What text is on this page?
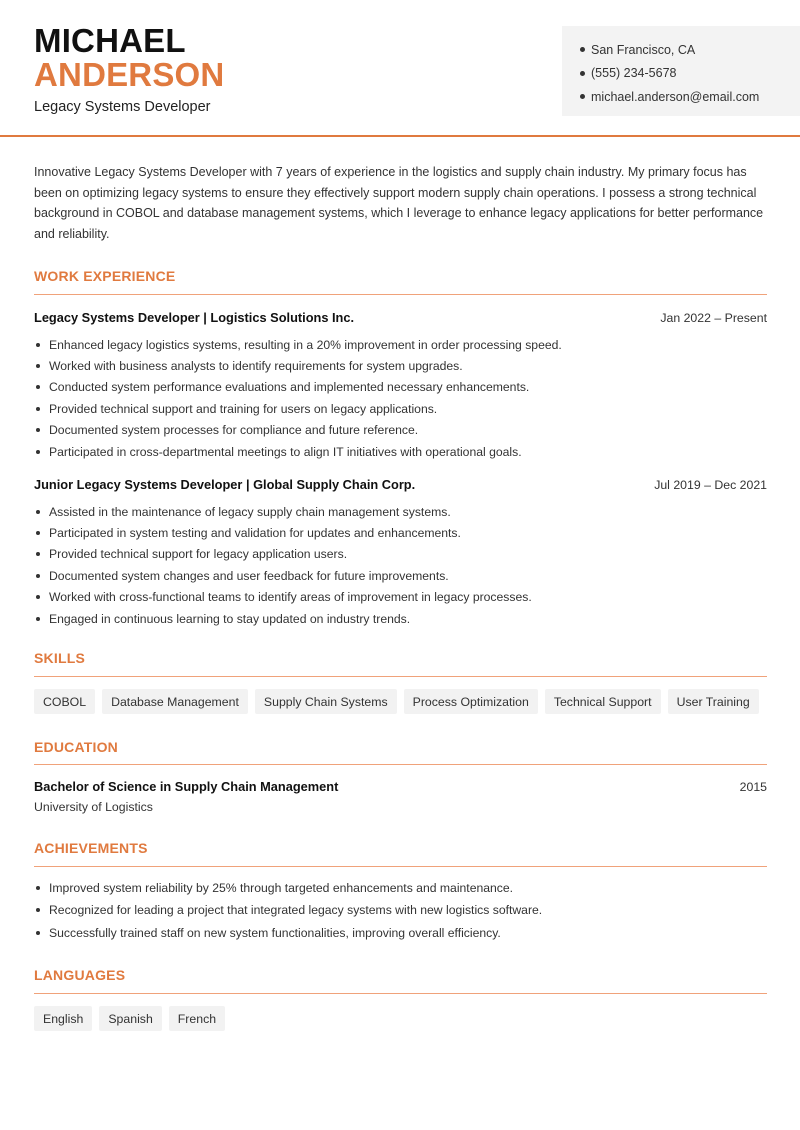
MICHAEL
ANDERSON
Legacy Systems Developer
San Francisco, CA
(555) 234-5678
michael.anderson@email.com

Innovative Legacy Systems Developer with 7 years of experience in the logistics and supply chain industry. My primary focus has been on optimizing legacy systems to ensure they effectively support modern supply chain operations. I possess a strong technical background in COBOL and database management systems, which I leverage to enhance legacy applications for better performance and reliability.

WORK EXPERIENCE
Legacy Systems Developer | Logistics Solutions Inc.	Jan 2022 – Present
Enhanced legacy logistics systems, resulting in a 20% improvement in order processing speed.
Worked with business analysts to identify requirements for system upgrades.
Conducted system performance evaluations and implemented necessary enhancements.
Provided technical support and training for users on legacy applications.
Documented system processes for compliance and future reference.
Participated in cross-departmental meetings to align IT initiatives with operational goals.
Junior Legacy Systems Developer | Global Supply Chain Corp.	Jul 2019 – Dec 2021
Assisted in the maintenance of legacy supply chain management systems.
Participated in system testing and validation for updates and enhancements.
Provided technical support for legacy application users.
Documented system changes and user feedback for future improvements.
Worked with cross-functional teams to identify areas of improvement in legacy processes.
Engaged in continuous learning to stay updated on industry trends.
SKILLS
COBOL	Database Management	Supply Chain Systems	Process Optimization	Technical Support	User Training
EDUCATION
Bachelor of Science in Supply Chain Management	2015
University of Logistics
ACHIEVEMENTS
Improved system reliability by 25% through targeted enhancements and maintenance.
Recognized for leading a project that integrated legacy systems with new logistics software.
Successfully trained staff on new system functionalities, improving overall efficiency.
LANGUAGES
English	Spanish	French
